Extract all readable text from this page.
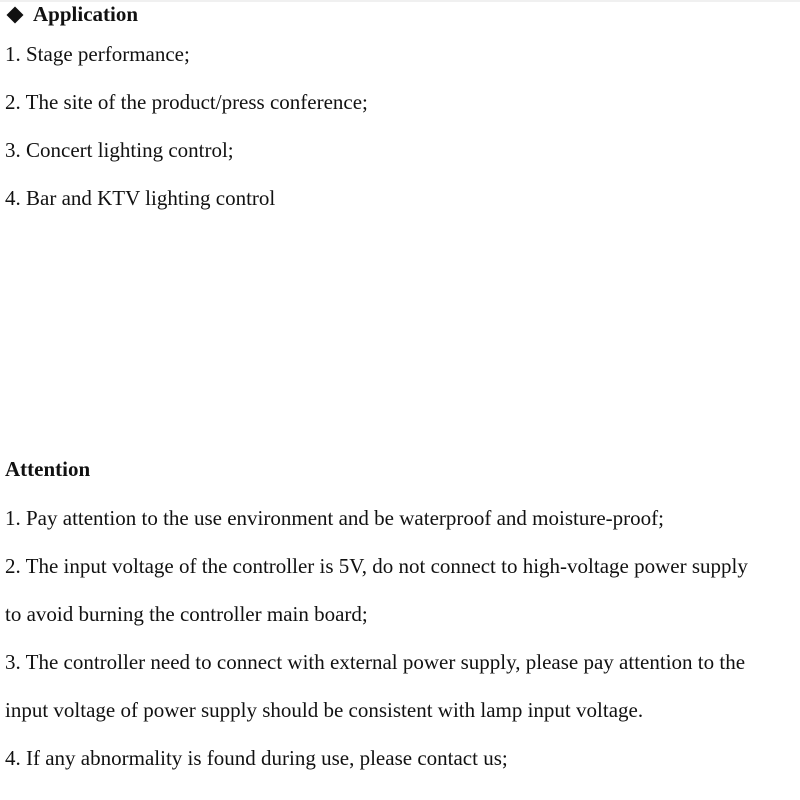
Application
1. Stage performance;
2. The site of the product/press conference;
3. Concert lighting control;
4. Bar and KTV lighting control
Attention
1. Pay attention to the use environment and be waterproof and moisture-proof;
2. The input voltage of the controller is 5V, do not connect to high-voltage power supply
to avoid burning the controller main board;
3. The controller need to connect with external power supply, please pay attention to the
input voltage of power supply should be consistent with lamp input voltage.
4. If any abnormality is found during use, please contact us;
